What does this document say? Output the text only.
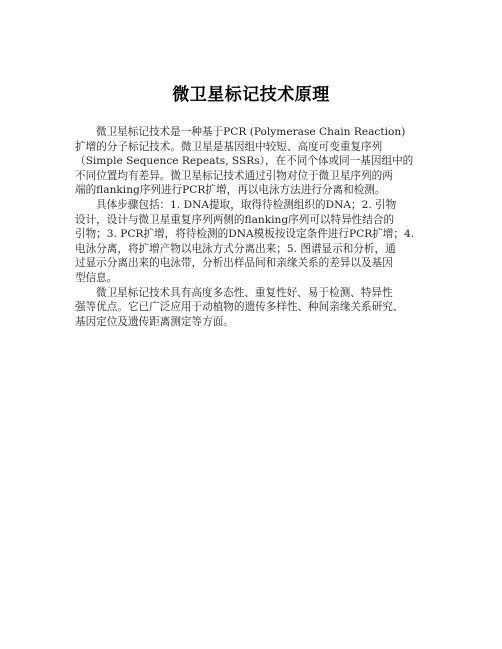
微卫星标记技术原理
微卫星标记技术是一种基于PCR (Polymerase Chain Reaction)
扩增的分子标记技术。微卫星是基因组中较短、高度可变重复序列
（Simple Sequence Repeats, SSRs），在不同个体或同一基因组中的
不同位置均有差异。微卫星标记技术通过引物对位于微卫星序列的两
端的flanking序列进行PCR扩增，再以电泳方法进行分离和检测。
具体步骤包括：1. DNA提取，取得待检测组织的DNA；2. 引物
设计，设计与微卫星重复序列两侧的flanking序列可以特异性结合的
引物；3. PCR扩增，将待检测的DNA模板按设定条件进行PCR扩增；4.
电泳分离，将扩增产物以电泳方式分离出来；5. 图谱显示和分析，通
过显示分离出来的电泳带，分析出样品间和亲缘关系的差异以及基因
型信息。
微卫星标记技术具有高度多态性、重复性好、易于检测、特异性
强等优点。它已广泛应用于动植物的遗传多样性、种间亲缘关系研究、
基因定位及遗传距离测定等方面。
